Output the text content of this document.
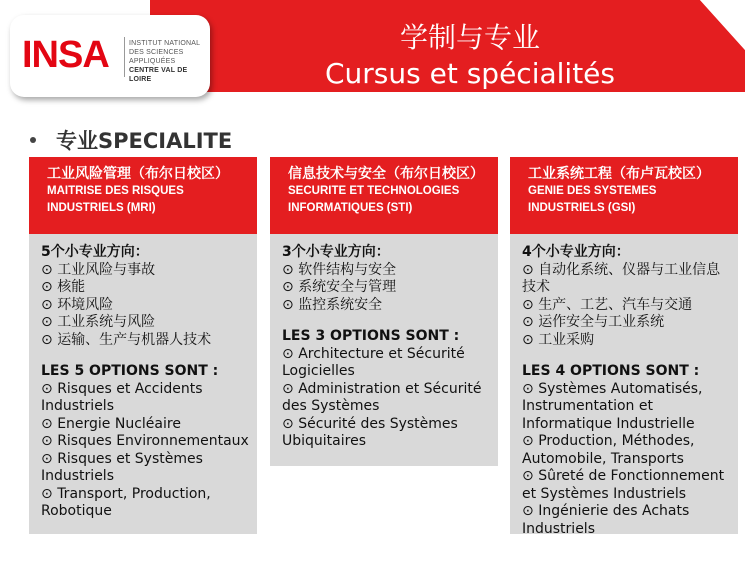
学制与专业
Cursus et spécialités
INSA	INSTITUT NATIONAL
DES SCIENCES
APPLIQUÉES
CENTRE VAL DE LOIRE
专业SPECIALITE
工业风险管理（布尔日校区）
MAITRISE DES RISQUES INDUSTRIELS (MRI)
5个小专业方向：
⊙ 工业风险与事故
⊙ 核能
⊙ 环境风险
⊙ 工业系统与风险
⊙ 运输、生产与机器人技术
LES 5 OPTIONS SONT :
⊙ Risques et Accidents Industriels
⊙ Energie Nucléaire
⊙ Risques Environnementaux
⊙ Risques et Systèmes Industriels
⊙ Transport, Production, Robotique
信息技术与安全（布尔日校区）
SECURITE ET TECHNOLOGIES INFORMATIQUES (STI)
3个小专业方向：
⊙ 软件结构与安全
⊙ 系统安全与管理
⊙ 监控系统安全
LES 3 OPTIONS SONT :
⊙ Architecture et Sécurité Logicielles
⊙ Administration et Sécurité des Systèmes
⊙ Sécurité des Systèmes Ubiquitaires
工业系统工程（布卢瓦校区）
GENIE DES SYSTEMES INDUSTRIELS (GSI)
4个小专业方向：
⊙ 自动化系统、仪器与工业信息技术
⊙ 生产、工艺、汽车与交通
⊙ 运作安全与工业系统
⊙ 工业采购
LES 4 OPTIONS SONT :
⊙ Systèmes Automatisés, Instrumentation et Informatique Industrielle
⊙ Production, Méthodes, Automobile, Transports
⊙ Sûreté de Fonctionnement et Systèmes Industriels
⊙ Ingénierie des Achats Industriels
